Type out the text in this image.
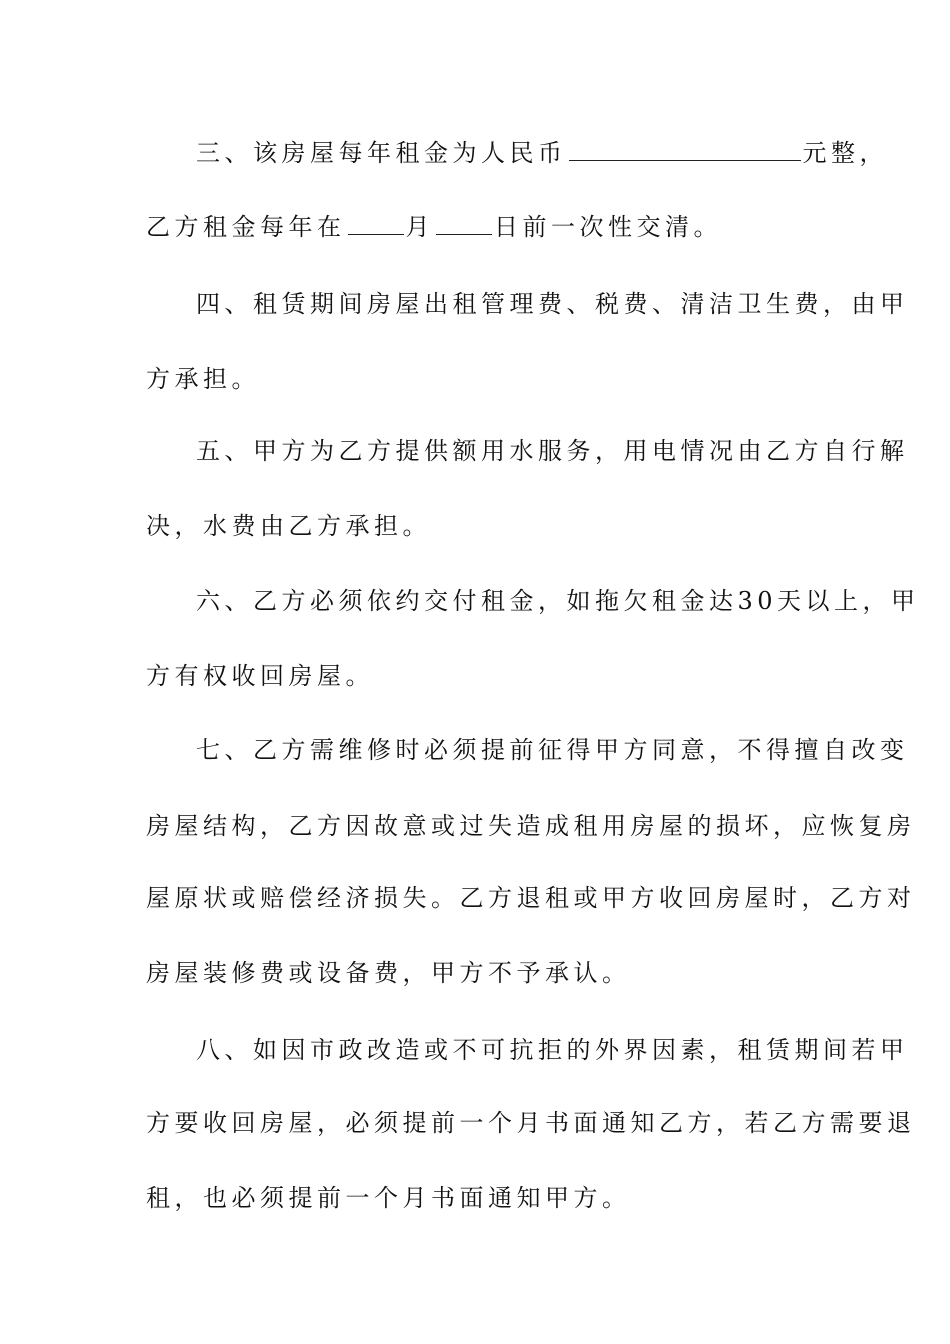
三、该房屋每年租金为人民币	元整，
乙方租金每年在	月	日前一次性交清。
四、租赁期间房屋出租管理费、税费、清洁卫生费，由甲
方承担。
五、甲方为乙方提供额用水服务，用电情况由乙方自行解
决，水费由乙方承担。
六、乙方必须依约交付租金，如拖欠租金达30天以上，甲
方有权收回房屋。
七、乙方需维修时必须提前征得甲方同意，不得擅自改变
房屋结构，乙方因故意或过失造成租用房屋的损坏，应恢复房
屋原状或赔偿经济损失。乙方退租或甲方收回房屋时，乙方对
房屋装修费或设备费，甲方不予承认。
八、如因市政改造或不可抗拒的外界因素，租赁期间若甲
方要收回房屋，必须提前一个月书面通知乙方，若乙方需要退
租，也必须提前一个月书面通知甲方。
